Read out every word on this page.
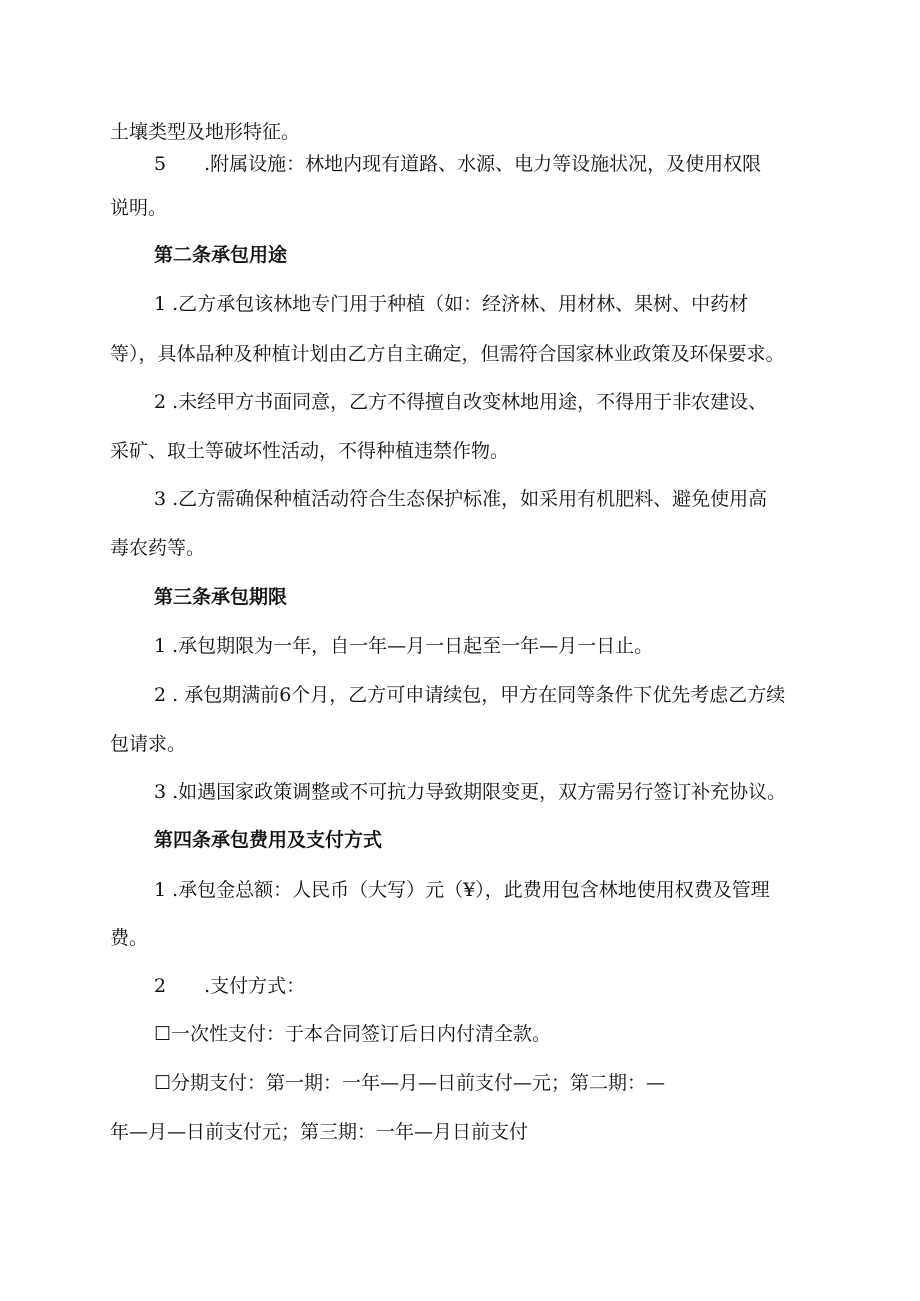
土壤类型及地形特征。
5　　.附属设施：林地内现有道路、水源、电力等设施状况，及使用权限
说明。
第二条承包用途
1 .乙方承包该林地专门用于种植（如：经济林、用材林、果树、中药材
等），具体品种及种植计划由乙方自主确定，但需符合国家林业政策及环保要求。
2 .未经甲方书面同意，乙方不得擅自改变林地用途，不得用于非农建设、
采矿、取土等破坏性活动，不得种植违禁作物。
3 .乙方需确保种植活动符合生态保护标准，如采用有机肥料、避免使用高
毒农药等。
第三条承包期限
1 .承包期限为一年，自一年—月一日起至一年—月一日止。
2 . 承包期满前6个月，乙方可申请续包，甲方在同等条件下优先考虑乙方续
包请求。
3 .如遇国家政策调整或不可抗力导致期限变更，双方需另行签订补充协议。
第四条承包费用及支付方式
1 .承包金总额：人民币（大写）元（¥），此费用包含林地使用权费及管理
费。
2　　.支付方式：
☐一次性支付：于本合同签订后日内付清全款。
☐分期支付：第一期：一年—月—日前支付—元；第二期：—
年—月—日前支付元；第三期：一年—月日前支付
